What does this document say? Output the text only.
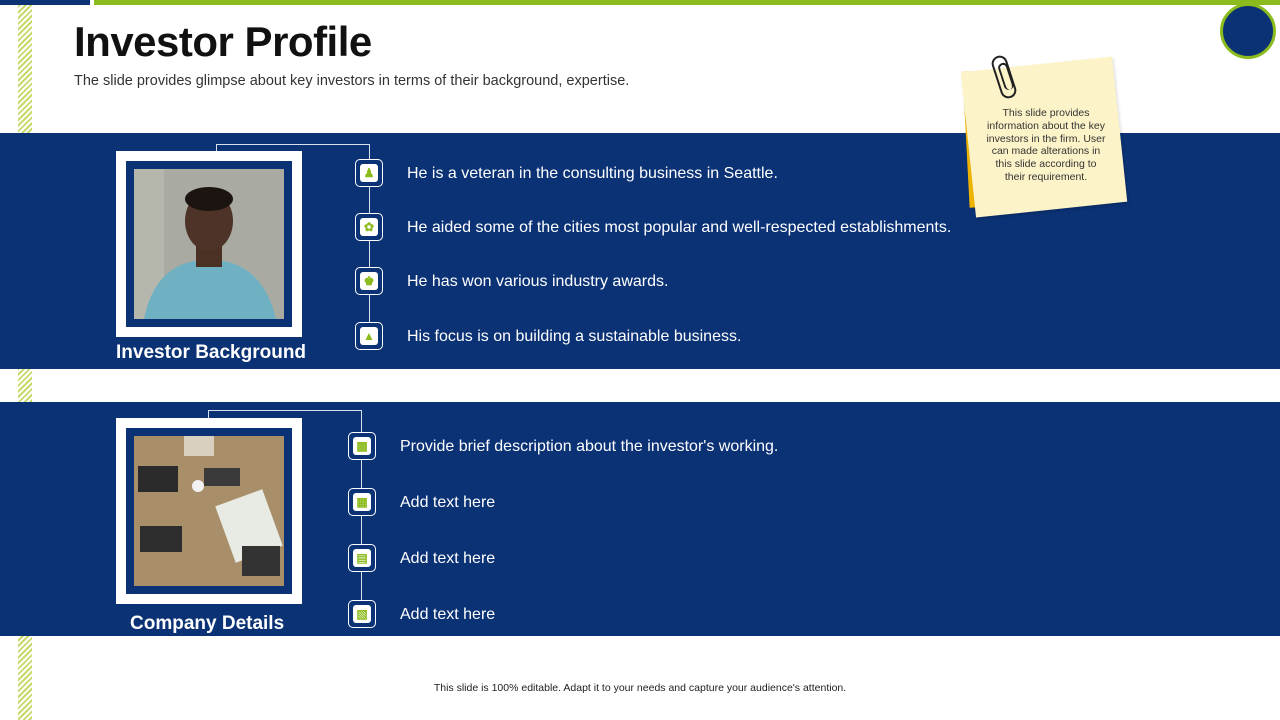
Investor Profile

The slide provides glimpse about key investors in terms of their background, expertise.

Investor Background
♟ He is a veteran in the consulting business in Seattle.
✿ He aided some of the cities most popular and well-respected establishments.
♚ He has won various industry awards.
▲ His focus is on building a sustainable business.
Company Details
▩ Provide brief description about the investor's working.
▦ Add text here
▤ Add text here
▧ Add text here
This slide provides information about the key investors in the firm. User can made alterations in this slide according to their requirement.
This slide is 100% editable. Adapt it to your needs and capture your audience's attention.
